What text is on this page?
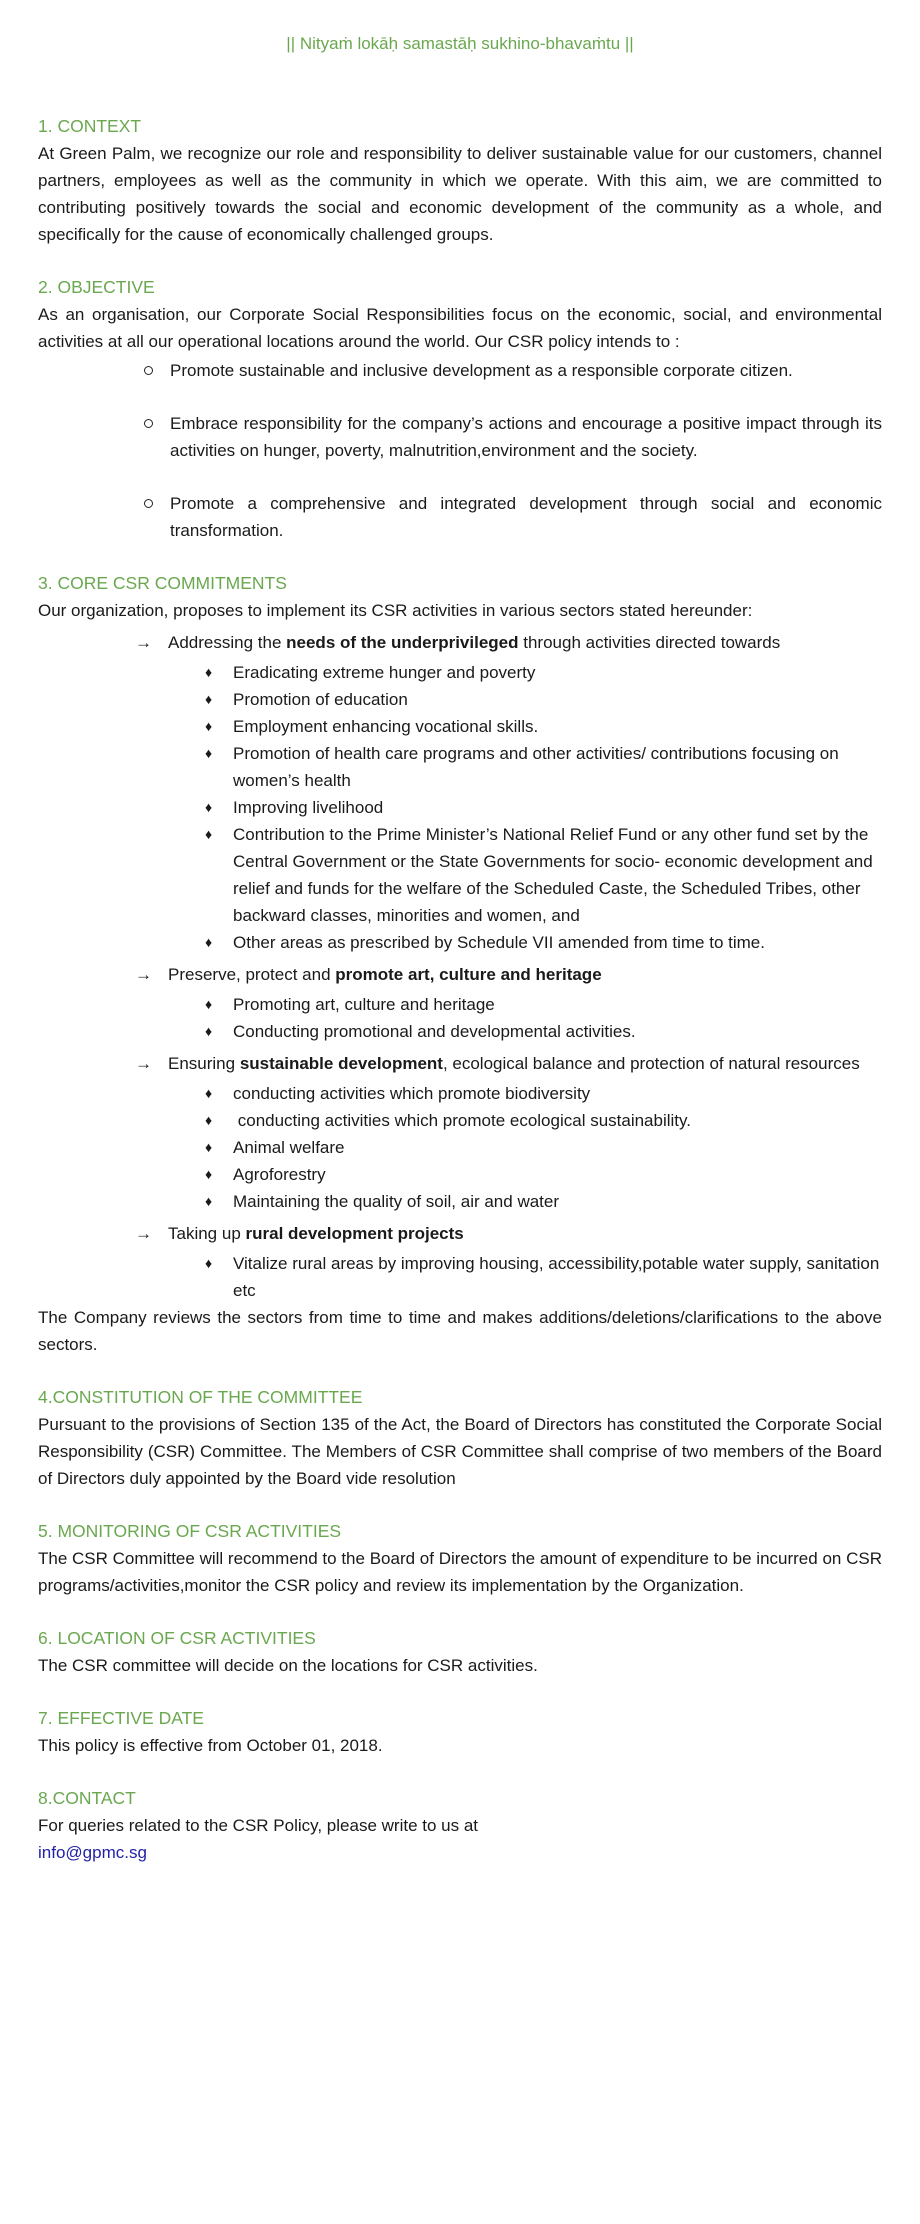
|| Nityaṁ lokāḥ samastāḥ sukhino-bhavaṁtu ||
1. CONTEXT

At Green Palm, we recognize our role and responsibility to deliver sustainable value for our customers, channel partners, employees as well as the community in which we operate. With this aim, we are committed to contributing positively towards the social and economic development of the community as a whole, and specifically for the cause of economically challenged groups.

2. OBJECTIVE

As an organisation, our Corporate Social Responsibilities focus on the economic, social, and environmental activities at all our operational locations around the world. Our CSR policy intends to :

Promote sustainable and inclusive development as a responsible corporate citizen.
Embrace responsibility for the company’s actions and encourage a positive impact through its activities on hunger, poverty, malnutrition,environment and the society.
Promote a comprehensive and integrated development through social and economic transformation.
3. CORE CSR COMMITMENTS

Our organization, proposes to implement its CSR activities in various sectors stated hereunder:

→ Addressing the needs of the underprivileged through activities directed towards

♦	Eradicating extreme hunger and poverty
♦	Promotion of education
♦	Employment enhancing vocational skills.
♦	Promotion of health care programs and other activities/ contributions focusing on women’s health
♦	Improving livelihood
♦	Contribution to the Prime Minister’s National Relief Fund or any other fund set by the Central Government or the State Governments for socio- economic development and relief and funds for the welfare of the Scheduled Caste, the Scheduled Tribes, other backward classes, minorities and women, and
♦	Other areas as prescribed by Schedule VII amended from time to time.
→ Preserve, protect and promote art, culture and heritage

♦	Promoting art, culture and heritage
♦	Conducting promotional and developmental activities.
→ Ensuring sustainable development, ecological balance and protection of natural resources

♦	conducting activities which promote biodiversity
♦	conducting activities which promote ecological sustainability.
♦	Animal welfare
♦	Agroforestry
♦	Maintaining the quality of soil, air and water
→ Taking up rural development projects

♦	Vitalize rural areas by improving housing, accessibility,potable water supply, sanitation etc

The Company reviews the sectors from time to time and makes additions/deletions/clarifications to the above sectors.

4.CONSTITUTION OF THE COMMITTEE

Pursuant to the provisions of Section 135 of the Act, the Board of Directors has constituted the Corporate Social Responsibility (CSR) Committee. The Members of CSR Committee shall comprise of two members of the Board of Directors duly appointed by the Board vide resolution

5. MONITORING OF CSR ACTIVITIES

The CSR Committee will recommend to the Board of Directors the amount of expenditure to be incurred on CSR programs/activities,monitor the CSR policy and review its implementation by the Organization.

6. LOCATION OF CSR ACTIVITIES

The CSR committee will decide on the locations for CSR activities.

7. EFFECTIVE DATE

This policy is effective from October 01, 2018.

8.CONTACT

For queries related to the CSR Policy, please write to us at

info@gpmc.sg
